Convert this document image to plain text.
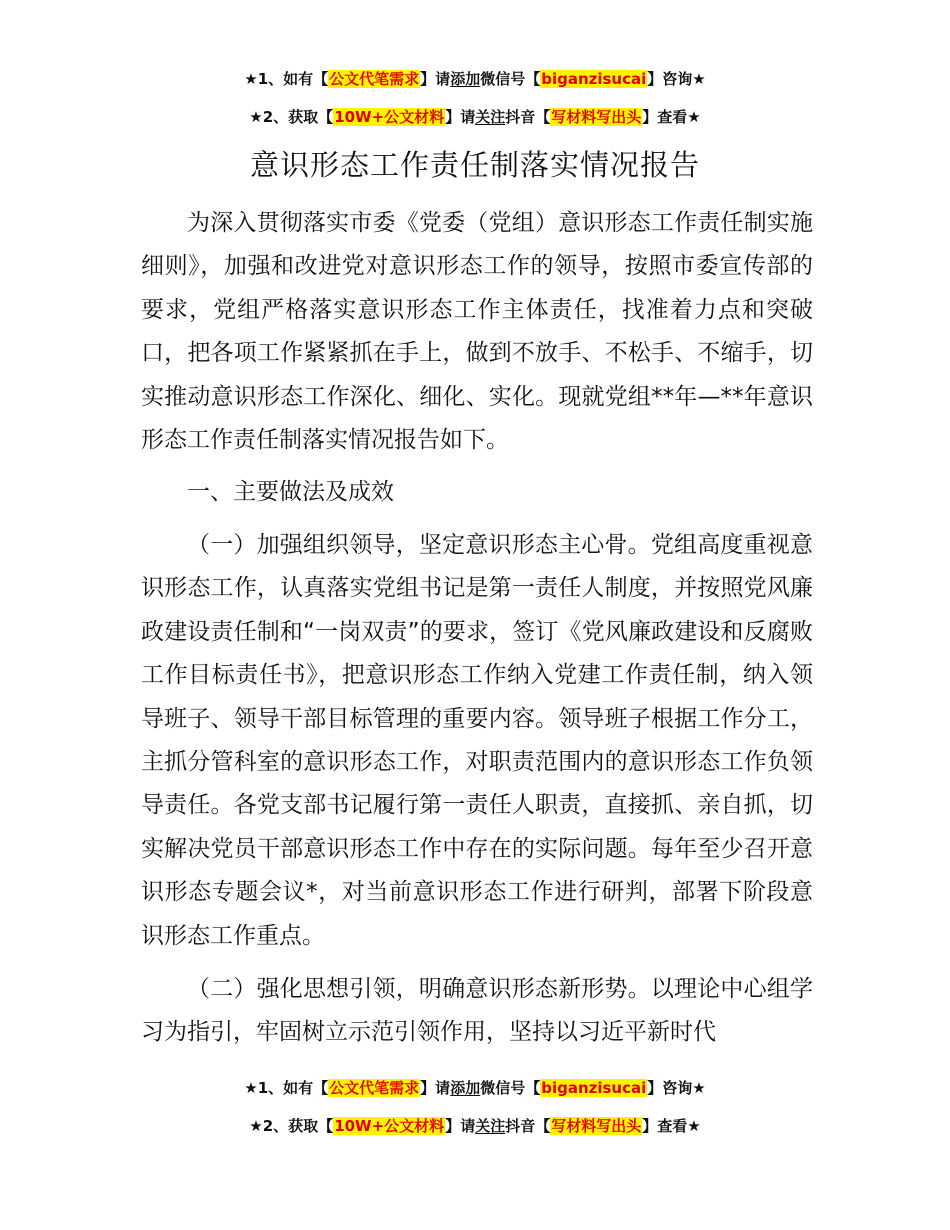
★1、如有【公文代笔需求】请添加微信号【biganzisucai】咨询★
★2、获取【10W+公文材料】请关注抖音【写材料写出头】查看★
意识形态工作责任制落实情况报告
为深入贯彻落实市委《党委（党组）意识形态工作责任制实施细则》，加强和改进党对意识形态工作的领导，按照市委宣传部的要求，党组严格落实意识形态工作主体责任，找准着力点和突破口，把各项工作紧紧抓在手上，做到不放手、不松手、不缩手，切实推动意识形态工作深化、细化、实化。现就党组**年—**年意识形态工作责任制落实情况报告如下。
一、主要做法及成效
（一）加强组织领导，坚定意识形态主心骨。党组高度重视意识形态工作，认真落实党组书记是第一责任人制度，并按照党风廉政建设责任制和“一岗双责”的要求，签订《党风廉政建设和反腐败工作目标责任书》，把意识形态工作纳入党建工作责任制，纳入领导班子、领导干部目标管理的重要内容。领导班子根据工作分工，主抓分管科室的意识形态工作，对职责范围内的意识形态工作负领导责任。各党支部书记履行第一责任人职责，直接抓、亲自抓，切实解决党员干部意识形态工作中存在的实际问题。每年至少召开意识形态专题会议*，对当前意识形态工作进行研判，部署下阶段意识形态工作重点。
（二）强化思想引领，明确意识形态新形势。以理论中心组学习为指引，牢固树立示范引领作用，坚持以习近平新时代
★1、如有【公文代笔需求】请添加微信号【biganzisucai】咨询★
★2、获取【10W+公文材料】请关注抖音【写材料写出头】查看★
